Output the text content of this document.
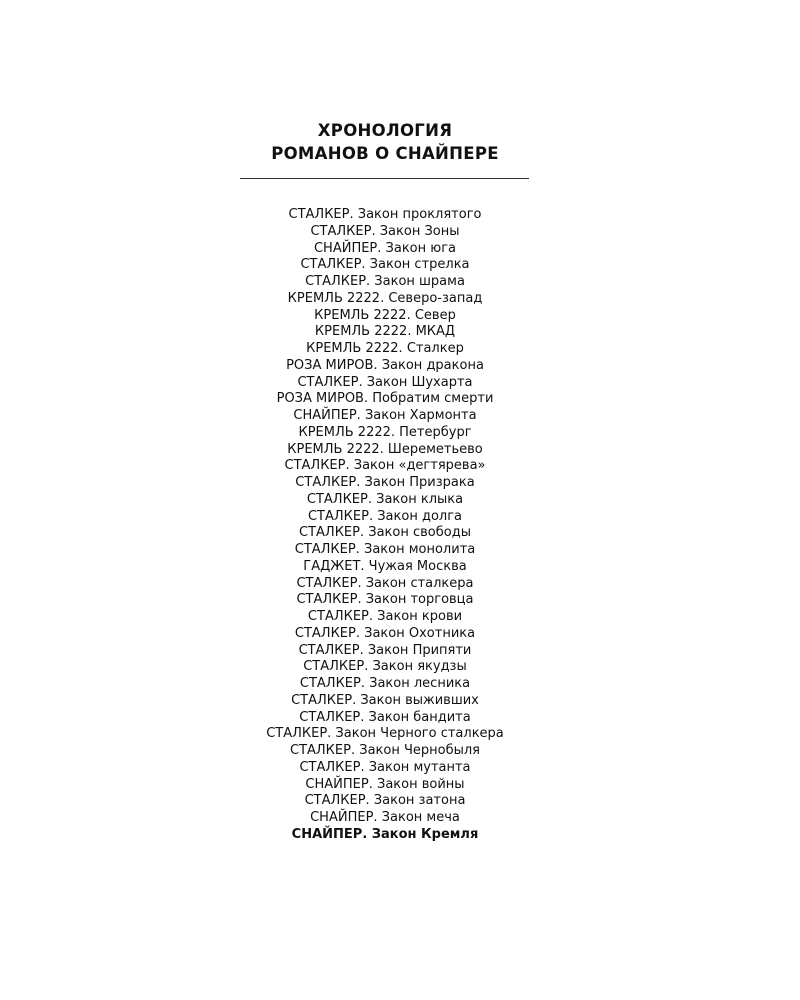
ХРОНОЛОГИЯ
РОМАНОВ О СНАЙПЕРЕ
СТАЛКЕР. Закон проклятого
СТАЛКЕР. Закон Зоны
СНАЙПЕР. Закон юга
СТАЛКЕР. Закон стрелка
СТАЛКЕР. Закон шрама
КРЕМЛЬ 2222. Северо-запад
КРЕМЛЬ 2222. Север
КРЕМЛЬ 2222. МКАД
КРЕМЛЬ 2222. Сталкер
РОЗА МИРОВ. Закон дракона
СТАЛКЕР. Закон Шухарта
РОЗА МИРОВ. Побратим смерти
СНАЙПЕР. Закон Хармонта
КРЕМЛЬ 2222. Петербург
КРЕМЛЬ 2222. Шереметьево
СТАЛКЕР. Закон «дегтярева»
СТАЛКЕР. Закон Призрака
СТАЛКЕР. Закон клыка
СТАЛКЕР. Закон долга
СТАЛКЕР. Закон свободы
СТАЛКЕР. Закон монолита
ГАДЖЕТ. Чужая Москва
СТАЛКЕР. Закон сталкера
СТАЛКЕР. Закон торговца
СТАЛКЕР. Закон крови
СТАЛКЕР. Закон Охотника
СТАЛКЕР. Закон Припяти
СТАЛКЕР. Закон якудзы
СТАЛКЕР. Закон лесника
СТАЛКЕР. Закон выживших
СТАЛКЕР. Закон бандита
СТАЛКЕР. Закон Черного сталкера
СТАЛКЕР. Закон Чернобыля
СТАЛКЕР. Закон мутанта
СНАЙПЕР. Закон войны
СТАЛКЕР. Закон затона
СНАЙПЕР. Закон меча
СНАЙПЕР. Закон Кремля
